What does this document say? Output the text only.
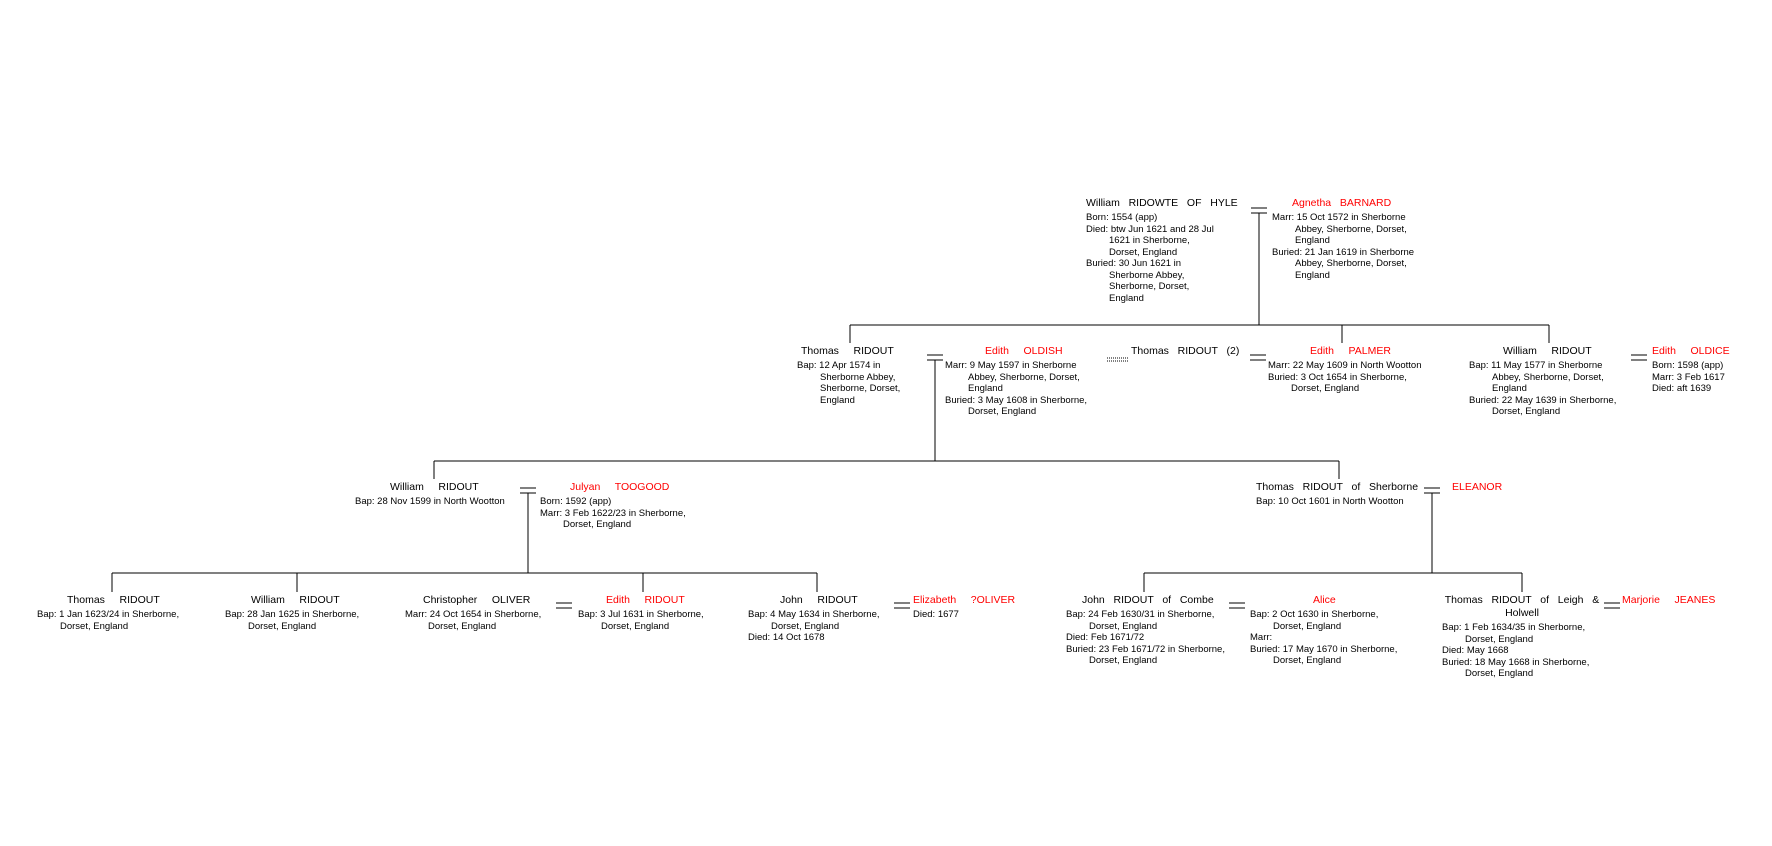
William   RIDOWTE   OF   HYLE
Born: 1554 (app)
Died: btw Jun 1621 and 28 Jul 1621 in Sherborne, Dorset, England
Buried: 30 Jun 1621 in Sherborne Abbey, Sherborne, Dorset, England
Agnetha   BARNARD
Marr: 15 Oct 1572 in Sherborne Abbey, Sherborne, Dorset, England
Buried: 21 Jan 1619 in Sherborne Abbey, Sherborne, Dorset, England
Thomas     RIDOUT
Bap: 12 Apr 1574 in Sherborne Abbey, Sherborne, Dorset, England
Edith     OLDISH
Marr: 9 May 1597 in Sherborne Abbey, Sherborne, Dorset, England
Buried: 3 May 1608 in Sherborne, Dorset, England
Thomas   RIDOUT   (2)	Edith     PALMER
Marr: 22 May 1609 in North Wootton
Buried: 3 Oct 1654 in Sherborne, Dorset, England
William     RIDOUT
Bap: 11 May 1577 in Sherborne Abbey, Sherborne, Dorset, England
Buried: 22 May 1639 in Sherborne, Dorset, England
Edith     OLDICE
Born: 1598 (app)
Marr: 3 Feb 1617
Died: aft 1639
William     RIDOUT
Bap: 28 Nov 1599 in North Wootton
Julyan     TOOGOOD
Born: 1592 (app)
Marr: 3 Feb 1622/23 in Sherborne, Dorset, England
Thomas   RIDOUT   of   Sherborne
Bap: 10 Oct 1601 in North Wootton
ELEANOR
Thomas     RIDOUT
Bap: 1 Jan 1623/24 in Sherborne, Dorset, England
William     RIDOUT
Bap: 28 Jan 1625 in Sherborne, Dorset, England
Christopher     OLIVER
Marr: 24 Oct 1654 in Sherborne, Dorset, England
Edith     RIDOUT
Bap: 3 Jul 1631 in Sherborne, Dorset, England
John     RIDOUT
Bap: 4 May 1634 in Sherborne, Dorset, England
Died: 14 Oct 1678
Elizabeth     ?OLIVER
Died: 1677
John   RIDOUT   of   Combe
Bap: 24 Feb 1630/31 in Sherborne, Dorset, England
Died: Feb 1671/72
Buried: 23 Feb 1671/72 in Sherborne, Dorset, England
Alice
Bap: 2 Oct 1630 in Sherborne, Dorset, England
Marr:
Buried: 17 May 1670 in Sherborne, Dorset, England
Thomas   RIDOUT   of   Leigh   &
Holwell
Bap: 1 Feb 1634/35 in Sherborne, Dorset, England
Died: May 1668
Buried: 18 May 1668 in Sherborne, Dorset, England
Marjorie     JEANES
